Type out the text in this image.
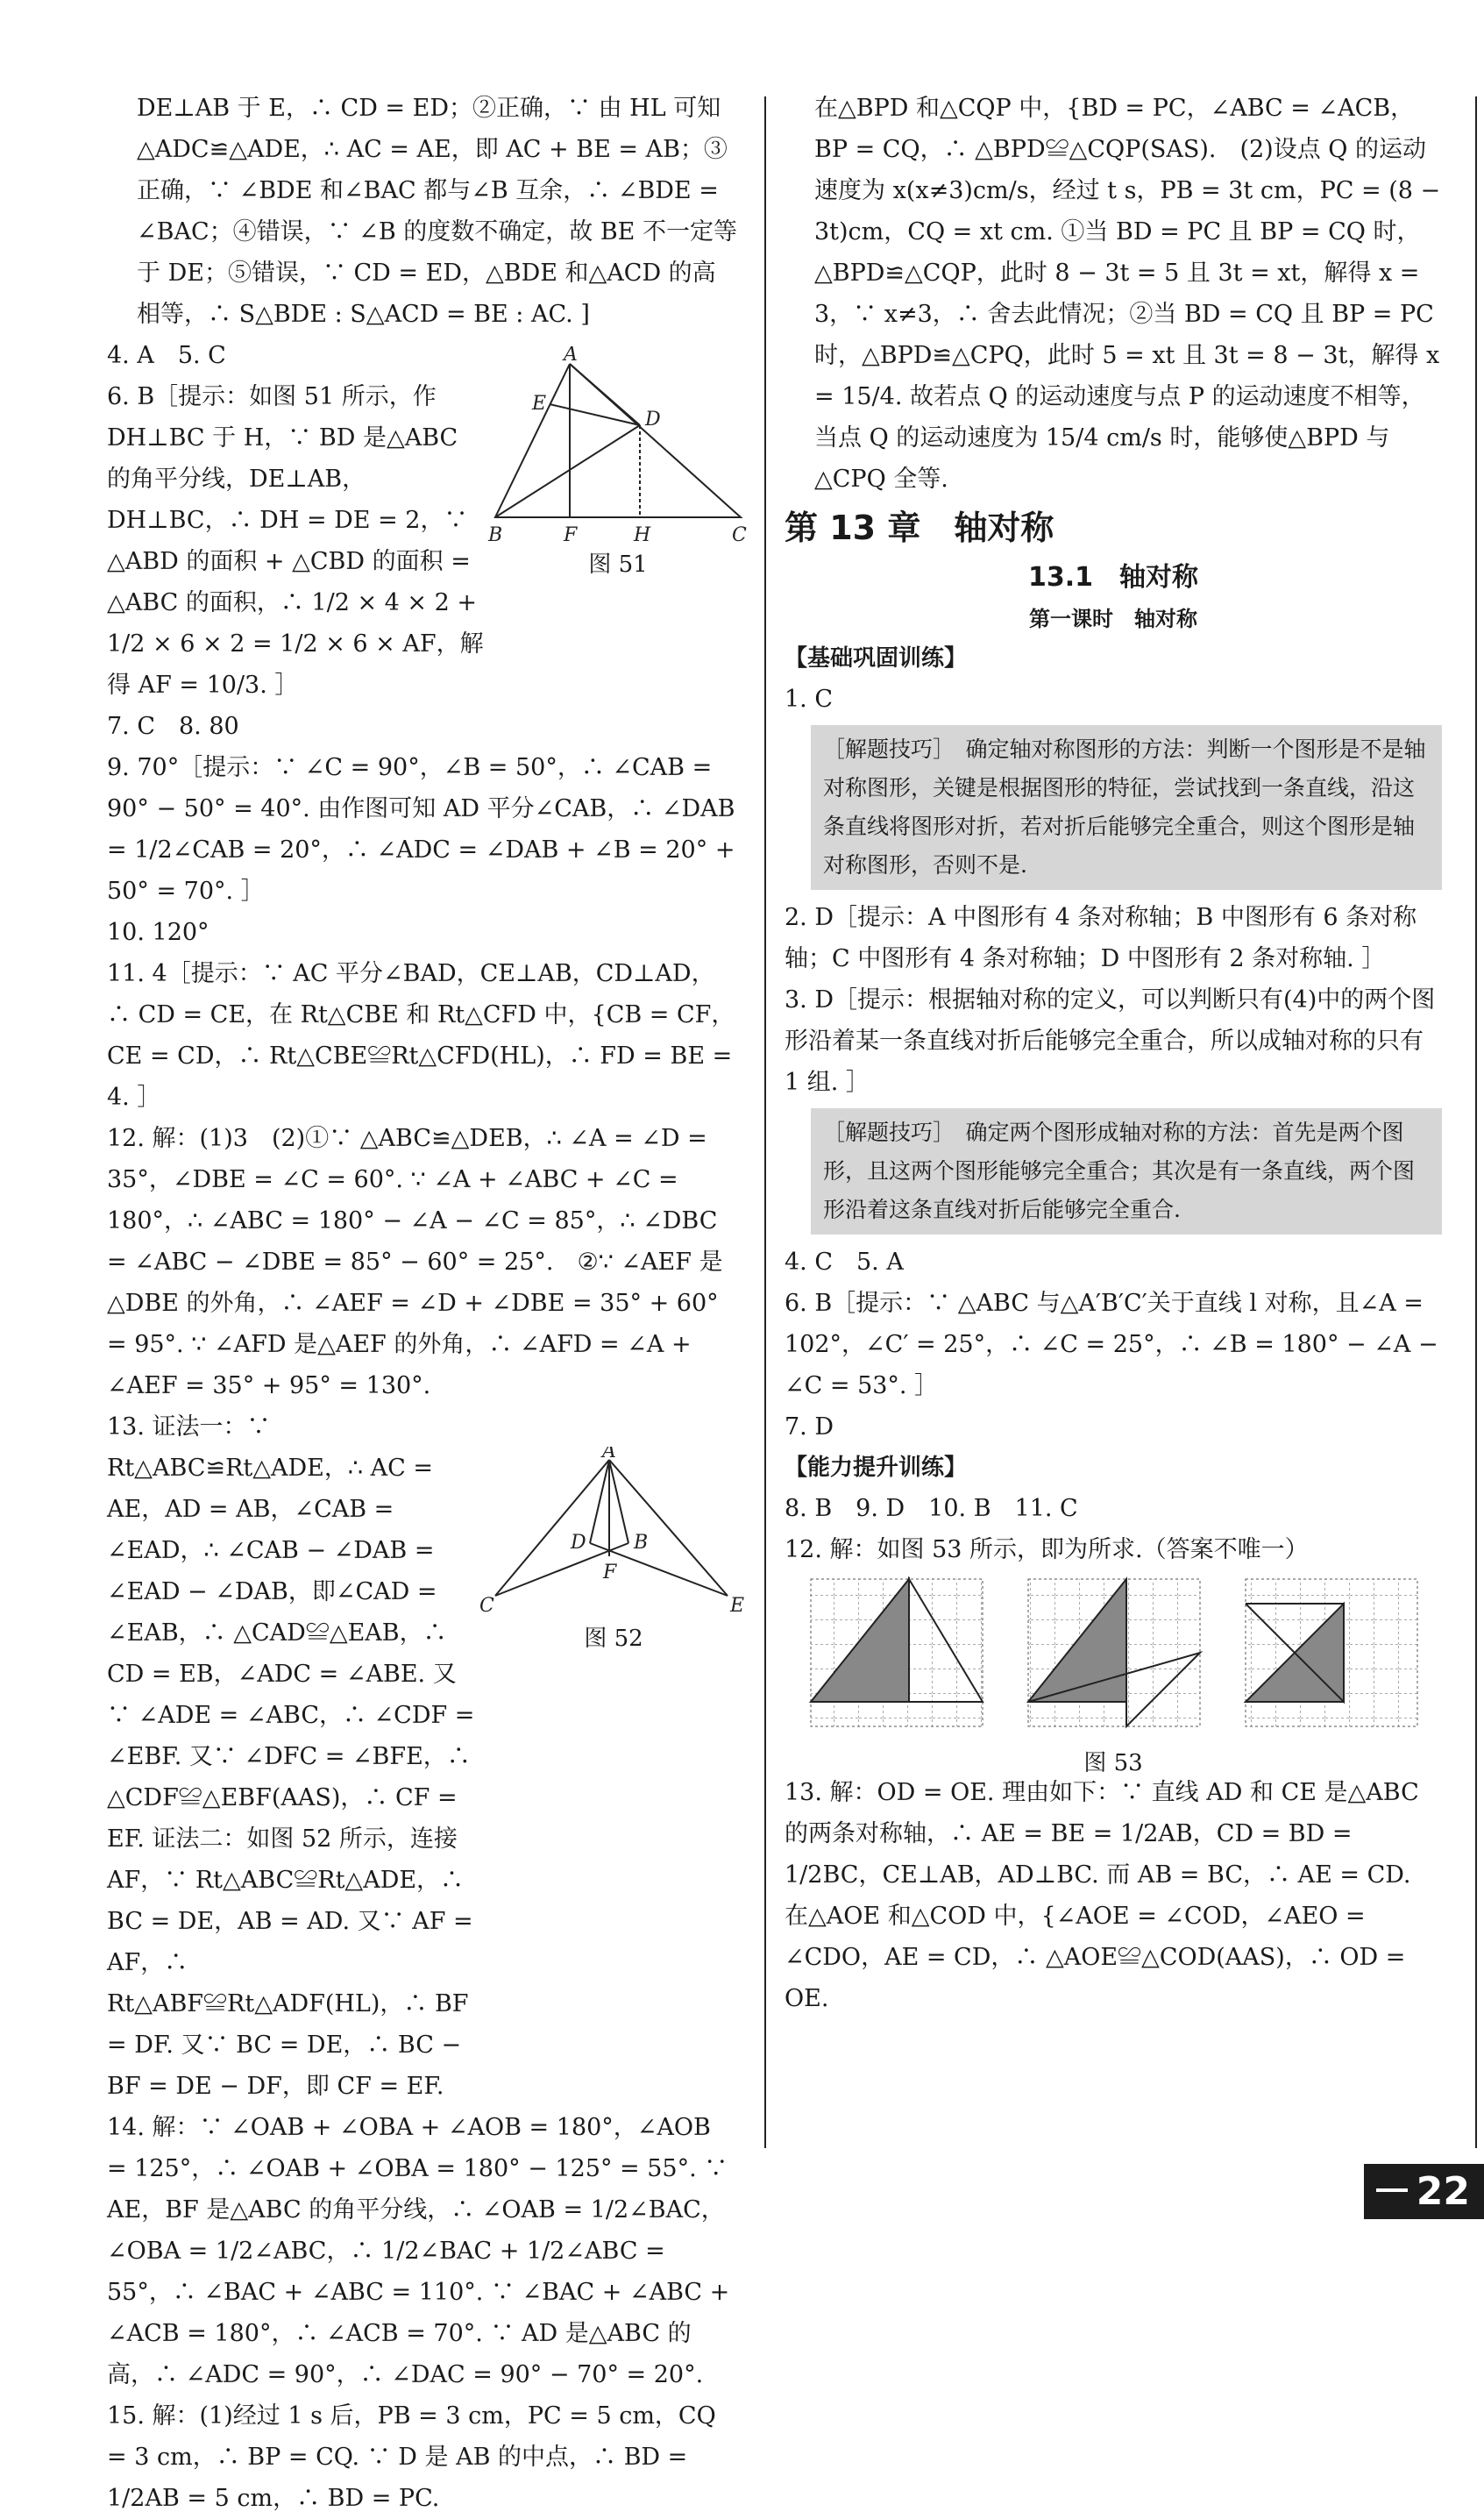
DE⊥AB 于 E，∴ CD = ED；②正确，∵ 由 HL 可知△ADC≌△ADE，∴ AC = AE，即 AC + BE = AB；③正确，∵ ∠BDE 和∠BAC 都与∠B 互余，∴ ∠BDE = ∠BAC；④错误，∵ ∠B 的度数不确定，故 BE 不一定等于 DE；⑤错误，∵ CD = ED，△BDE 和△ACD 的高相等，∴ S△BDE : S△ACD = BE : AC. ]

4. A　5. C

6. B［提示：如图 51 所示，作 DH⊥BC 于 H，∵ BD 是△ABC 的角平分线，DE⊥AB，DH⊥BC，∴ DH = DE = 2，∵ △ABD 的面积 + △CBD 的面积 = △ABC 的面积，∴ 1/2 × 4 × 2 + 1/2 × 6 × 2 = 1/2 × 6 × AF，解得 AF = 10/3. ］

7. C　8. 80

9. 70°［提示：∵ ∠C = 90°，∠B = 50°，∴ ∠CAB = 90° − 50° = 40°. 由作图可知 AD 平分∠CAB，∴ ∠DAB = 1/2∠CAB = 20°，∴ ∠ADC = ∠DAB + ∠B = 20° + 50° = 70°. ］

10. 120°

11. 4［提示：∵ AC 平分∠BAD，CE⊥AB，CD⊥AD，∴ CD = CE，在 Rt△CBE 和 Rt△CFD 中，{CB = CF，CE = CD，∴ Rt△CBE≌Rt△CFD(HL)，∴ FD = BE = 4. ］

12. 解：(1)3　(2)①∵ △ABC≌△DEB，∴ ∠A = ∠D = 35°，∠DBE = ∠C = 60°. ∵ ∠A + ∠ABC + ∠C = 180°，∴ ∠ABC = 180° − ∠A − ∠C = 85°，∴ ∠DBC = ∠ABC − ∠DBE = 85° − 60° = 25°.　②∵ ∠AEF 是△DBE 的外角，∴ ∠AEF = ∠D + ∠DBE = 35° + 60° = 95°. ∵ ∠AFD 是△AEF 的外角，∴ ∠AFD = ∠A + ∠AEF = 35° + 95° = 130°.

13. 证法一：∵ Rt△ABC≌Rt△ADE，∴ AC = AE，AD = AB，∠CAB = ∠EAD，∴ ∠CAB − ∠DAB = ∠EAD − ∠DAB，即∠CAD = ∠EAB，∴ △CAD≌△EAB，∴ CD = EB，∠ADC = ∠ABE. 又∵ ∠ADE = ∠ABC，∴ ∠CDF = ∠EBF. 又∵ ∠DFC = ∠BFE，∴ △CDF≌△EBF(AAS)，∴ CF = EF. 证法二：如图 52 所示，连接 AF，∵ Rt△ABC≌Rt△ADE，∴ BC = DE，AB = AD. 又∵ AF = AF，∴ Rt△ABF≌Rt△ADF(HL)，∴ BF = DF. 又∵ BC = DE，∴ BC − BF = DE − DF，即 CF = EF.

14. 解：∵ ∠OAB + ∠OBA + ∠AOB = 180°，∠AOB = 125°，∴ ∠OAB + ∠OBA = 180° − 125° = 55°. ∵ AE，BF 是△ABC 的角平分线，∴ ∠OAB = 1/2∠BAC，∠OBA = 1/2∠ABC，∴ 1/2∠BAC + 1/2∠ABC = 55°，∴ ∠BAC + ∠ABC = 110°. ∵ ∠BAC + ∠ABC + ∠ACB = 180°，∴ ∠ACB = 70°. ∵ AD 是△ABC 的高，∴ ∠ADC = 90°，∴ ∠DAC = 90° − 70° = 20°.

15. 解：(1)经过 1 s 后，PB = 3 cm，PC = 5 cm，CQ = 3 cm，∴ BP = CQ. ∵ D 是 AB 的中点，∴ BD = 1/2AB = 5 cm，∴ BD = PC.

A
E
D
B	F	H	C
图 51
A
D B
F
C	E
图 52

在△BPD 和△CQP 中，{BD = PC，∠ABC = ∠ACB，BP = CQ，∴ △BPD≌△CQP(SAS).　(2)设点 Q 的运动速度为 x(x≠3)cm/s，经过 t s，PB = 3t cm，PC = (8 − 3t)cm，CQ = xt cm. ①当 BD = PC 且 BP = CQ 时，△BPD≌△CQP，此时 8 − 3t = 5 且 3t = xt，解得 x = 3，∵ x≠3，∴ 舍去此情况；②当 BD = CQ 且 BP = PC 时，△BPD≌△CPQ，此时 5 = xt 且 3t = 8 − 3t，解得 x = 15/4. 故若点 Q 的运动速度与点 P 的运动速度不相等，当点 Q 的运动速度为 15/4 cm/s 时，能够使△BPD 与△CPQ 全等.

第 13 章　轴对称

13.1　轴对称

第一课时　轴对称

【基础巩固训练】

1. C

［解题技巧］　确定轴对称图形的方法：判断一个图形是不是轴对称图形，关键是根据图形的特征，尝试找到一条直线，沿这条直线将图形对折，若对折后能够完全重合，则这个图形是轴对称图形，否则不是.

2. D［提示：A 中图形有 4 条对称轴；B 中图形有 6 条对称轴；C 中图形有 4 条对称轴；D 中图形有 2 条对称轴. ］

3. D［提示：根据轴对称的定义，可以判断只有(4)中的两个图形沿着某一条直线对折后能够完全重合，所以成轴对称的只有 1 组. ］

［解题技巧］　确定两个图形成轴对称的方法：首先是两个图形，且这两个图形能够完全重合；其次是有一条直线，两个图形沿着这条直线对折后能够完全重合.

4. C　5. A

6. B［提示：∵ △ABC 与△A′B′C′关于直线 l 对称，且∠A = 102°，∠C′ = 25°，∴ ∠C = 25°，∴ ∠B = 180° − ∠A − ∠C = 53°. ］

7. D

【能力提升训练】

8. B　9. D　10. B　11. C

12. 解：如图 53 所示，即为所求.（答案不唯一）

图 53

13. 解：OD = OE. 理由如下：∵ 直线 AD 和 CE 是△ABC 的两条对称轴，∴ AE = BE = 1/2AB，CD = BD = 1/2BC，CE⊥AB，AD⊥BC. 而 AB = BC，∴ AE = CD. 在△AOE 和△COD 中，{∠AOE = ∠COD，∠AEO = ∠CDO，AE = CD，∴ △AOE≌△COD(AAS)，∴ OD = OE.

22
